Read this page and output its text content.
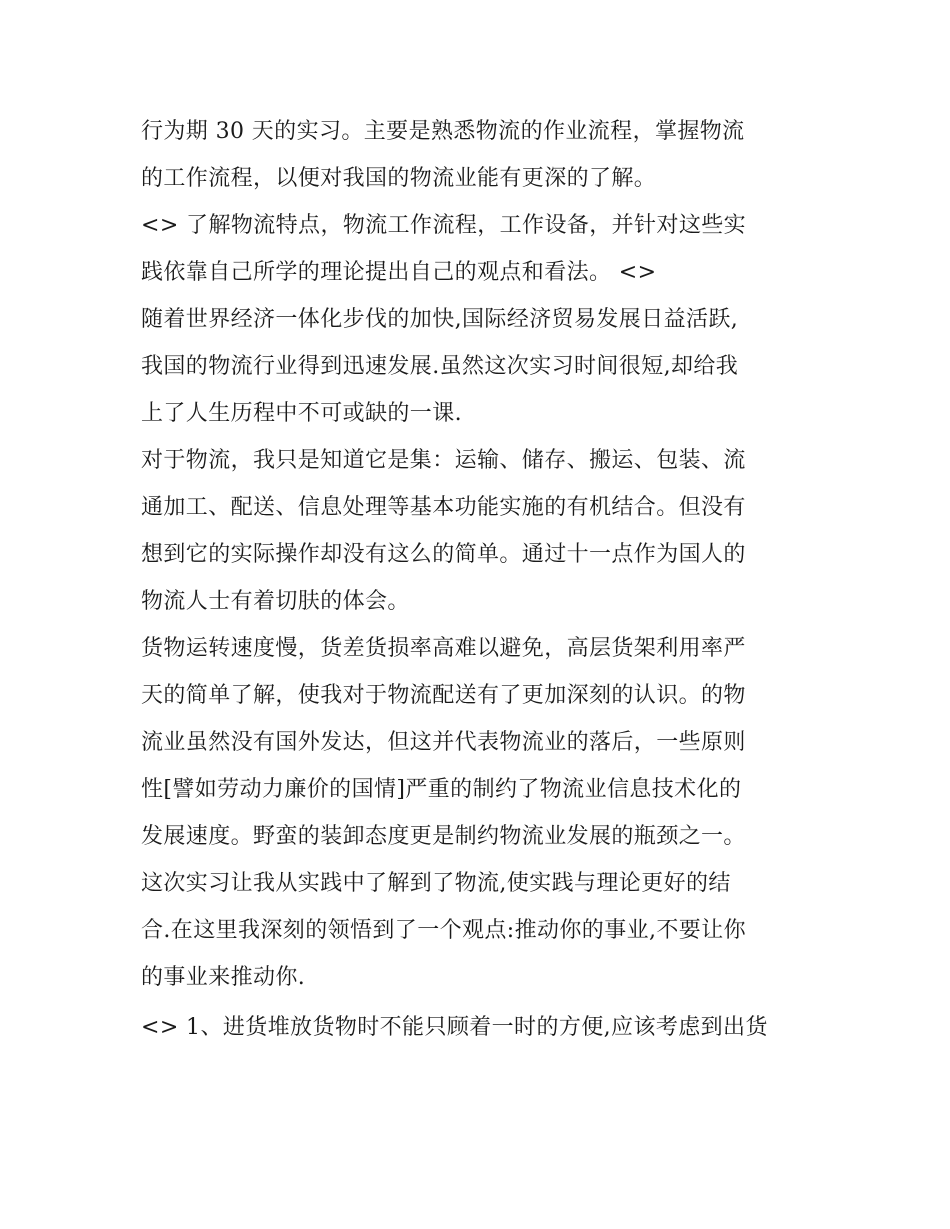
行为期 30 天的实习。主要是熟悉物流的作业流程，掌握物流
的工作流程，以便对我国的物流业能有更深的了解。
<> 了解物流特点，物流工作流程，工作设备，并针对这些实
践依靠自己所学的理论提出自己的观点和看法。 <>
随着世界经济一体化步伐的加快,国际经济贸易发展日益活跃,
我国的物流行业得到迅速发展.虽然这次实习时间很短,却给我
上了人生历程中不可或缺的一课.
对于物流，我只是知道它是集：运输、储存、搬运、包装、流
通加工、配送、信息处理等基本功能实施的有机结合。但没有
想到它的实际操作却没有这么的简单。通过十一点作为国人的
物流人士有着切肤的体会。
货物运转速度慢，货差货损率高难以避免，高层货架利用率严
天的简单了解，使我对于物流配送有了更加深刻的认识。的物
流业虽然没有国外发达，但这并代表物流业的落后，一些原则
性[譬如劳动力廉价的国情]严重的制约了物流业信息技术化的
发展速度。野蛮的装卸态度更是制约物流业发展的瓶颈之一。
这次实习让我从实践中了解到了物流,使实践与理论更好的结
合.在这里我深刻的领悟到了一个观点:推动你的事业,不要让你
的事业来推动你.
<> 1、进货堆放货物时不能只顾着一时的方便,应该考虑到出货
